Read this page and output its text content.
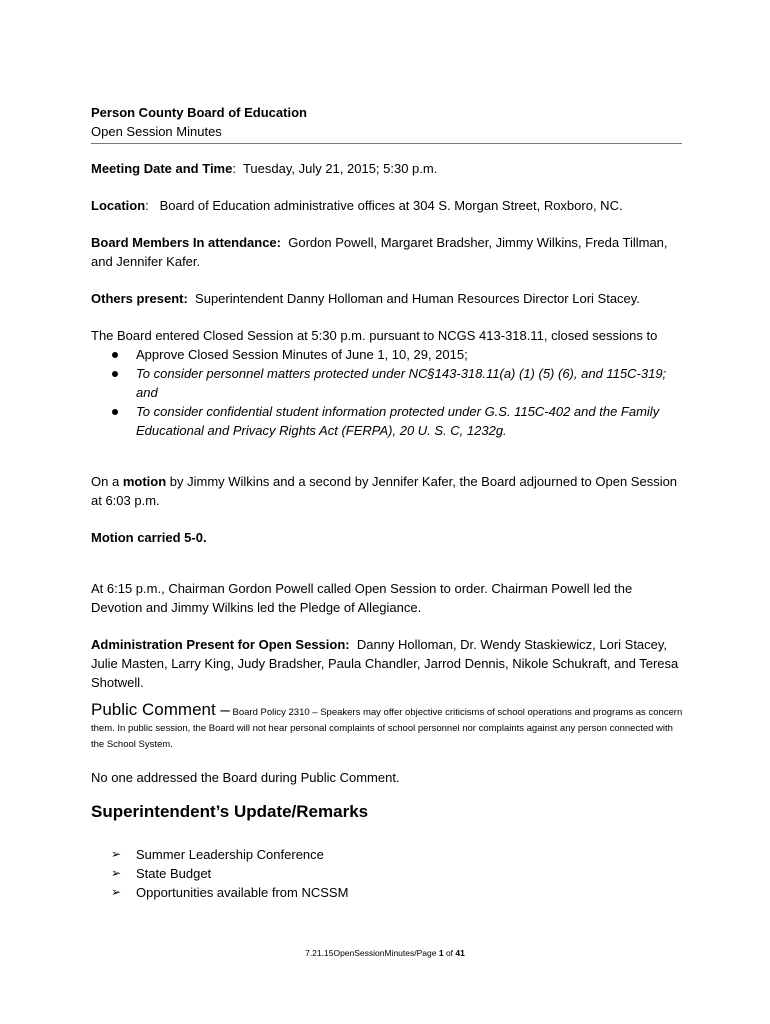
Person County Board of Education
Open Session Minutes

Meeting Date and Time:  Tuesday, July 21, 2015; 5:30 p.m.

Location:   Board of Education administrative offices at 304 S. Morgan Street, Roxboro, NC.

Board Members In attendance: Gordon Powell, Margaret Bradsher, Jimmy Wilkins, Freda Tillman, and Jennifer Kafer.

Others present: Superintendent Danny Holloman and Human Resources Director Lori Stacey.

The Board entered Closed Session at 5:30 p.m. pursuant to NCGS 413-318.11, closed sessions to

Approve Closed Session Minutes of June 1, 10, 29, 2015;
To consider personnel matters protected under NC§143-318.11(a) (1) (5) (6), and 115C-319; and
To consider confidential student information protected under G.S. 115C-402 and the Family Educational and Privacy Rights Act (FERPA), 20 U. S. C, 1232g.

On a motion by Jimmy Wilkins and a second by Jennifer Kafer, the Board adjourned to Open Session at 6:03 p.m.

Motion carried 5-0.

At 6:15 p.m., Chairman Gordon Powell called Open Session to order. Chairman Powell led the Devotion and Jimmy Wilkins led the Pledge of Allegiance.

Administration Present for Open Session: Danny Holloman, Dr. Wendy Staskiewicz, Lori Stacey, Julie Masten, Larry King, Judy Bradsher, Paula Chandler, Jarrod Dennis, Nikole Schukraft, and Teresa Shotwell.

Public Comment – Board Policy 2310 – Speakers may offer objective criticisms of school operations and programs as concern them. In public session, the Board will not hear personal complaints of school personnel nor complaints against any person connected with the School System.

No one addressed the Board during Public Comment.

Superintendent’s Update/Remarks
➢ Summer Leadership Conference
➢ State Budget
➢ Opportunities available from NCSSM
7.21.15OpenSessionMinutes/Page 1 of 41
